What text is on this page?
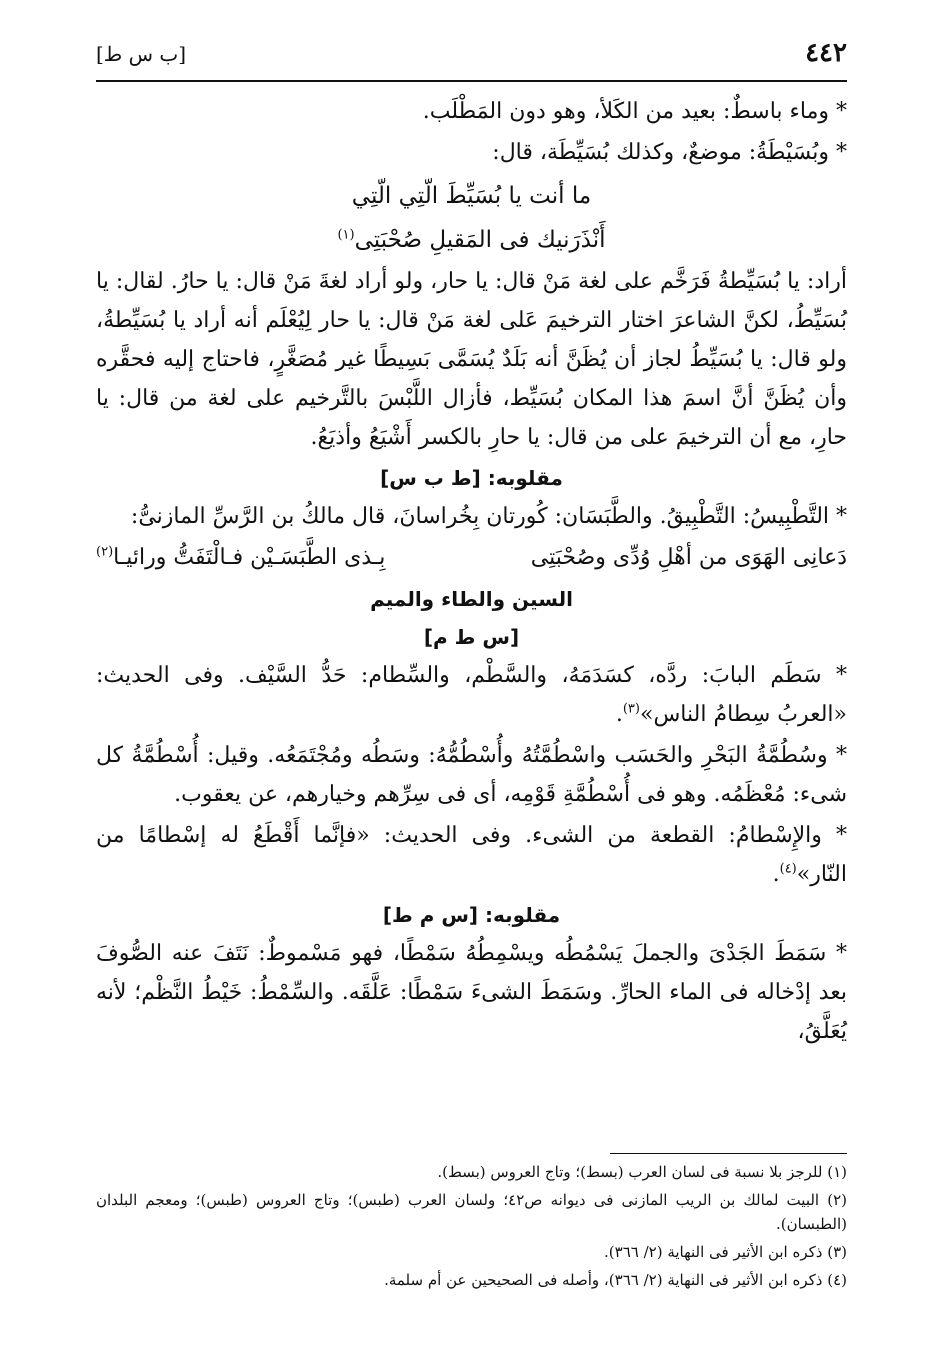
٤٤٢
[ب س ط]

* وماء باسطٌ: بعيد من الكَلأ، وهو دون المَطْلَب.

* وبُسَيْطَةُ: موضعٌ، وكذلك بُسَيِّطَة، قال:

ما أنت يا بُسَيِّطَ الّتِي الّتِي

أَنْذَرَنيك فى المَقيلِ صُحْبَتِى$^{(١)}$

أراد: يا بُسَيِّطةُ فَرَخَّم على لغة مَنْ قال: يا حار، ولو أراد لغةَ مَنْ قال: يا حارُ. لقال: يا بُسَيِّطُ، لكنَّ الشاعرَ اختار الترخيمَ عَلى لغة مَنْ قال: يا حار لِيُعْلَم أنه أراد يا بُسَيِّطةُ، ولو قال: يا بُسَيِّطُ لجاز أن يُظَنَّ أنه بَلَدٌ يُسَمَّى بَسِيطًا غير مُصَغَّرٍ، فاحتاج إليه فحقَّره وأن يُظَنَّ أنَّ اسمَ هذا المكان بُسَيِّط، فأزال اللَّبْسَ بالتَّرخيم على لغة من قال: يا حارِ، مع أن الترخيمَ على من قال: يا حارِ بالكسر أَشْيَعُ وأذيَعُ.

مقلوبه: [ط ب س]

* التَّطْبِيسُ: التَّطْبِيقُ. والطَّبَسَان: كُورتان بِخُراسانَ، قال مالكُ بن الرَّسِّ المازنىُّ:

دَعانِى الهَوَى من أهْلِ وُدِّى وصُحْبَتِى
بِـذى الطَّبَسَـيْن فـالْتَفَتُّ ورائيـا$^{(٢)}$
السين والطاء والميم
[س ط م]

* سَطَم البابَ: ردَّه، كسَدَمَهُ، والسَّطْم، والسِّطام: حَدُّ السَّيْف. وفى الحديث: «العربُ سِطامُ الناس»$^{(٣)}$.

* وسُطُمَّةُ البَحْرِ والحَسَب واسْطُمَّتُهُ وأُسْطُمُّهُ: وسَطُه ومُجْتَمَعُه. وقيل: أُسْطُمَّةُ كل شىء: مُعْظَمُه. وهو فى أُسْطُمَّةِ قَوْمِه، أى فى سِرِّهم وخيارهم، عن يعقوب.

* والإِسْطامُ: القطعة من الشىء. وفى الحديث: «فإنَّما أَقْطَعُ له إسْطامًا من النّار»$^{(٤)}$.

مقلوبه: [س م ط]

* سَمَطَ الجَدْىَ والجملَ يَسْمُطُه ويسْمِطُهُ سَمْطًا، فهو مَسْموطٌ: نَتَفَ عنه الصُّوفَ بعد إدْخاله فى الماء الحارِّ. وسَمَطَ الشىءَ سَمْطًا: عَلَّقَه. والسِّمْطُ: خَيْطُ النَّظْم؛ لأنه يُعَلَّقُ،

(١) للرجز بلا نسبة فى لسان العرب (بسط)؛ وتاج العروس (بسط).

(٢) البيت لمالك بن الريب المازنى فى ديوانه ص٤٢؛ ولسان العرب (طبس)؛ وتاج العروس (طبس)؛ ومعجم البلدان (الطبسان).

(٣) ذكره ابن الأثير فى النهاية (٢/ ٣٦٦).

(٤) ذكره ابن الأثير فى النهاية (٢/ ٣٦٦)، وأصله فى الصحيحين عن أم سلمة.
